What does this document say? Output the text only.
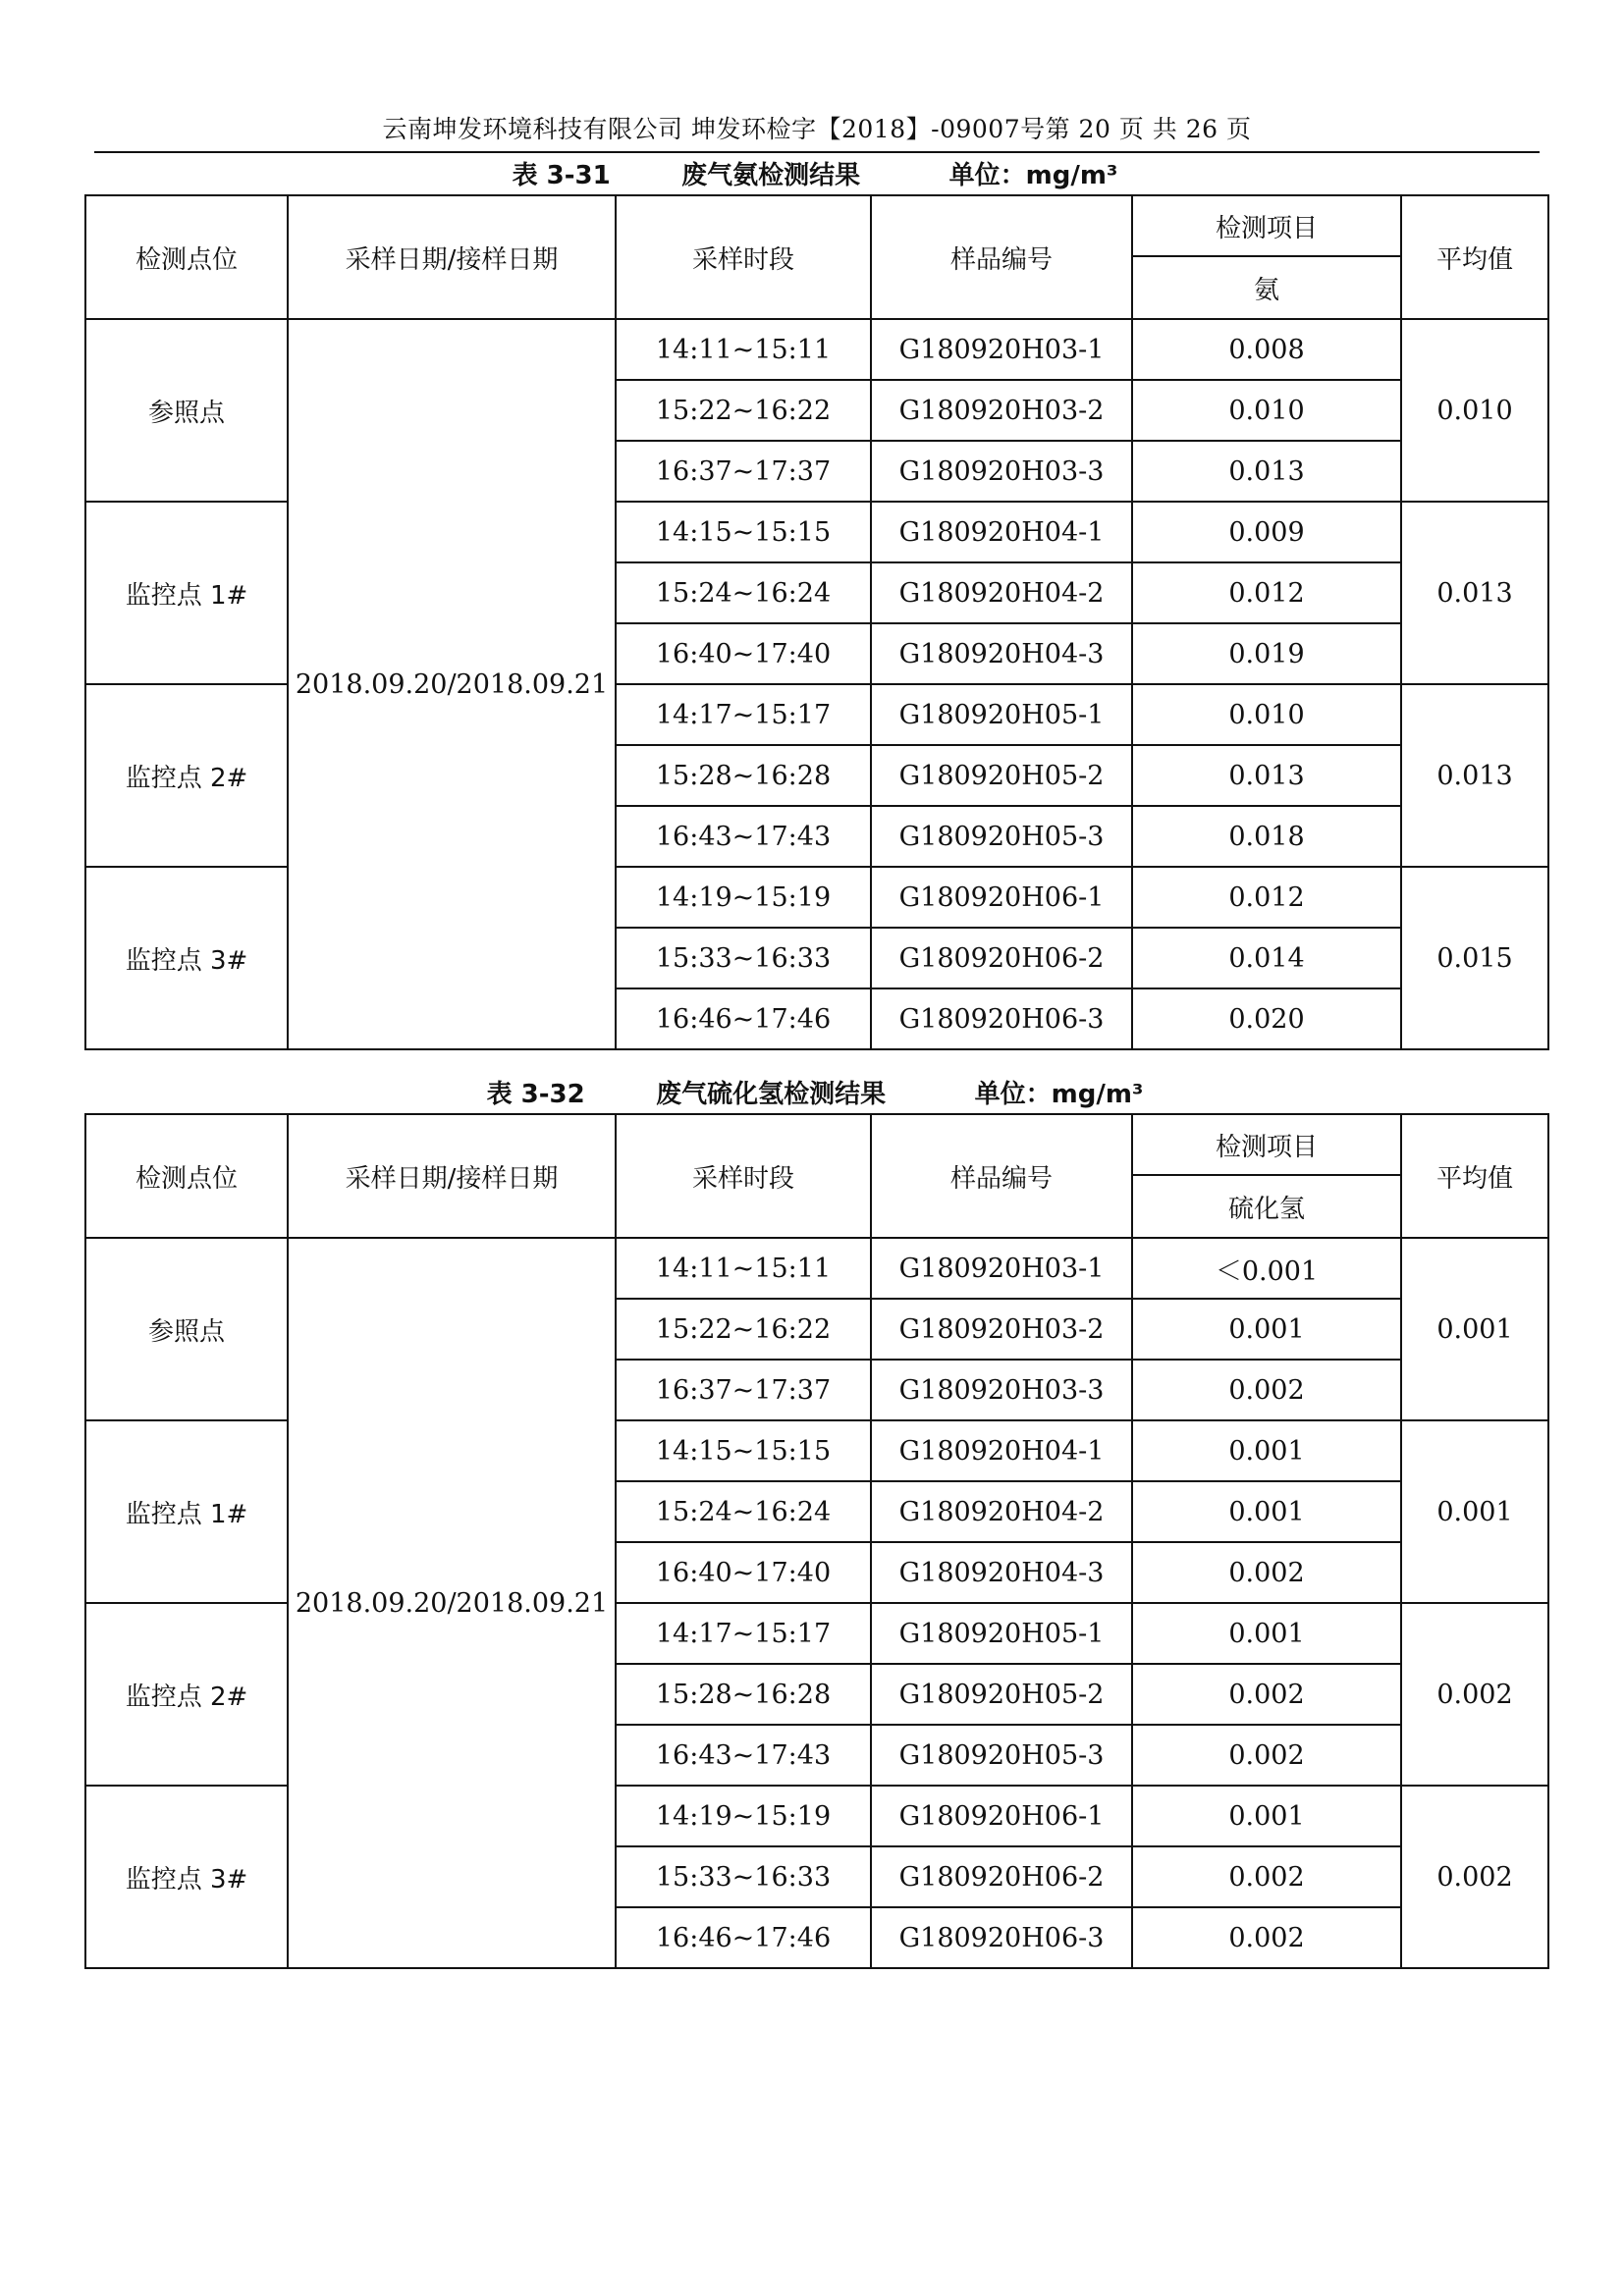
云南坤发环境科技有限公司 坤发环检字【2018】-09007号第 20 页 共 26 页
表 3-31        废气氨检测结果          单位：mg/m³
检测点位	采样日期/接样日期	采样时段	样品编号	检测项目	平均值
				氨	
参照点	2018.09.20/2018.09.21	14:11~15:11	G180920H03-1	0.008	0.010
		15:22~16:22	G180920H03-2	0.010	
		16:37~17:37	G180920H03-3	0.013	
监控点 1#		14:15~15:15	G180920H04-1	0.009	0.013
		15:24~16:24	G180920H04-2	0.012	
		16:40~17:40	G180920H04-3	0.019	
监控点 2#		14:17~15:17	G180920H05-1	0.010	0.013
		15:28~16:28	G180920H05-2	0.013	
		16:43~17:43	G180920H05-3	0.018	
监控点 3#		14:19~15:19	G180920H06-1	0.012	0.015
		15:33~16:33	G180920H06-2	0.014	
		16:46~17:46	G180920H06-3	0.020	
表 3-32        废气硫化氢检测结果          单位：mg/m³
检测点位	采样日期/接样日期	采样时段	样品编号	检测项目	平均值
				硫化氢	
参照点	2018.09.20/2018.09.21	14:11~15:11	G180920H03-1	＜0.001	0.001
		15:22~16:22	G180920H03-2	0.001	
		16:37~17:37	G180920H03-3	0.002	
监控点 1#		14:15~15:15	G180920H04-1	0.001	0.001
		15:24~16:24	G180920H04-2	0.001	
		16:40~17:40	G180920H04-3	0.002	
监控点 2#		14:17~15:17	G180920H05-1	0.001	0.002
		15:28~16:28	G180920H05-2	0.002	
		16:43~17:43	G180920H05-3	0.002	
监控点 3#		14:19~15:19	G180920H06-1	0.001	0.002
		15:33~16:33	G180920H06-2	0.002	
		16:46~17:46	G180920H06-3	0.002	
